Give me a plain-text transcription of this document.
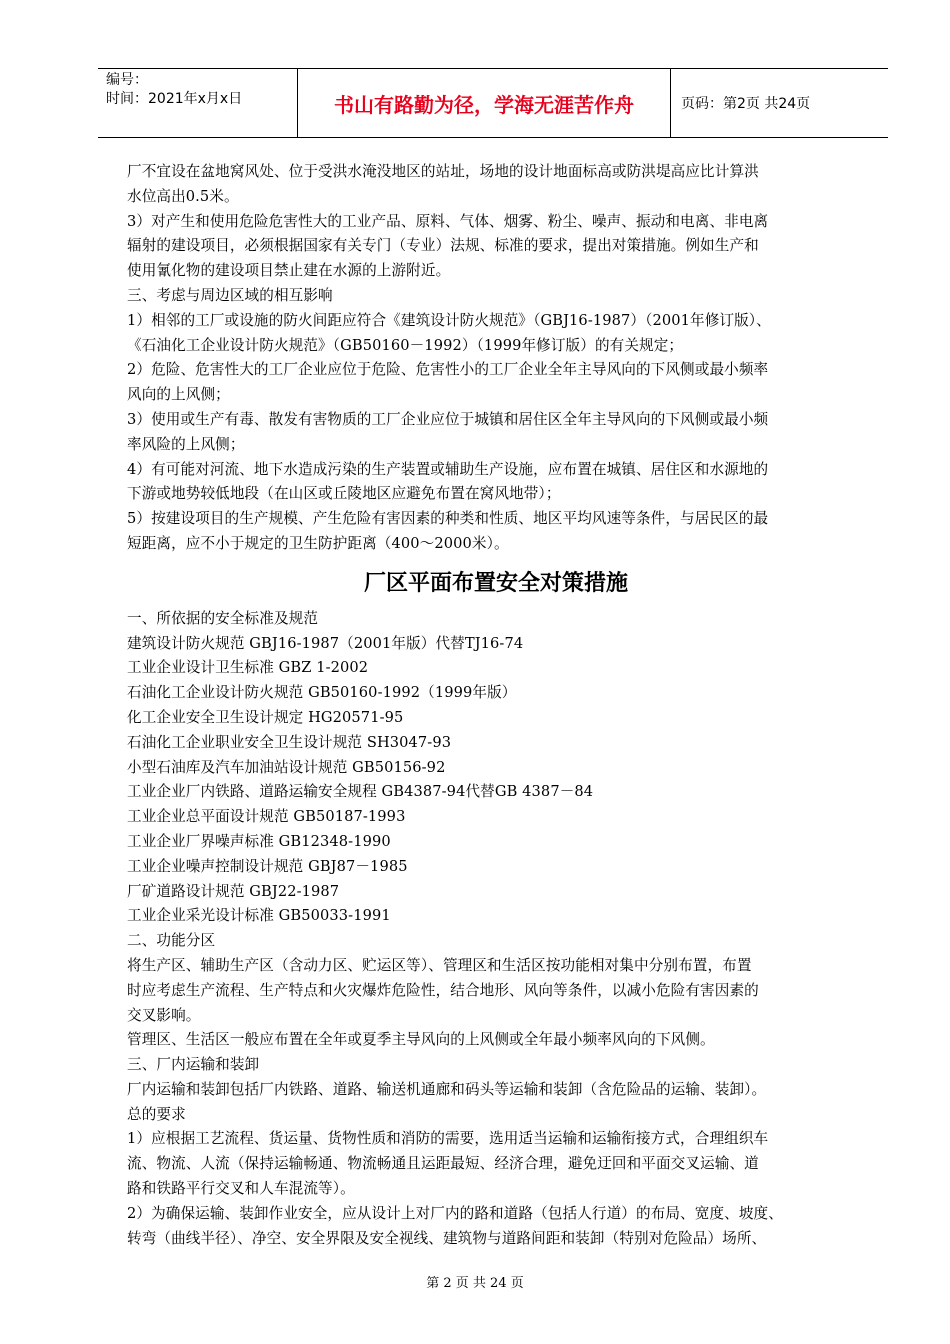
编号：
时间：2021年x月x日	书山有路勤为径，学海无涯苦作舟	页码：第2页 共24页
厂不宜设在盆地窝风处、位于受洪水淹没地区的站址，场地的设计地面标高或防洪堤高应比计算洪
水位高出0.5米。
3）对产生和使用危险危害性大的工业产品、原料、气体、烟雾、粉尘、噪声、振动和电离、非电离
辐射的建设项目，必须根据国家有关专门（专业）法规、标准的要求，提出对策措施。例如生产和
使用氰化物的建设项目禁止建在水源的上游附近。
三、考虑与周边区域的相互影响
1）相邻的工厂或设施的防火间距应符合《建筑设计防火规范》（GBJ16-1987）（2001年修订版）、
《石油化工企业设计防火规范》（GB50160－1992）（1999年修订版）的有关规定；
2）危险、危害性大的工厂企业应位于危险、危害性小的工厂企业全年主导风向的下风侧或最小频率
风向的上风侧；
3）使用或生产有毒、散发有害物质的工厂企业应位于城镇和居住区全年主导风向的下风侧或最小频
率风险的上风侧；
4）有可能对河流、地下水造成污染的生产装置或辅助生产设施，应布置在城镇、居住区和水源地的
下游或地势较低地段（在山区或丘陵地区应避免布置在窝风地带）；
5）按建设项目的生产规模、产生危险有害因素的种类和性质、地区平均风速等条件，与居民区的最
短距离，应不小于规定的卫生防护距离（400～2000米）。
厂区平面布置安全对策措施
一、所依据的安全标准及规范
建筑设计防火规范 GBJ16-1987（2001年版）代替TJ16-74
工业企业设计卫生标准 GBZ 1-2002
石油化工企业设计防火规范 GB50160-1992（1999年版）
化工企业安全卫生设计规定 HG20571-95
石油化工企业职业安全卫生设计规范 SH3047-93
小型石油库及汽车加油站设计规范 GB50156-92
工业企业厂内铁路、道路运输安全规程 GB4387-94代替GB 4387－84
工业企业总平面设计规范 GB50187-1993
工业企业厂界噪声标准 GB12348-1990
工业企业噪声控制设计规范 GBJ87－1985
厂矿道路设计规范 GBJ22-1987
工业企业采光设计标准 GB50033-1991
二、功能分区
将生产区、辅助生产区（含动力区、贮运区等）、管理区和生活区按功能相对集中分别布置，布置
时应考虑生产流程、生产特点和火灾爆炸危险性，结合地形、风向等条件，以减小危险有害因素的
交叉影响。
管理区、生活区一般应布置在全年或夏季主导风向的上风侧或全年最小频率风向的下风侧。
三、厂内运输和装卸
厂内运输和装卸包括厂内铁路、道路、输送机通廊和码头等运输和装卸（含危险品的运输、装卸）。
总的要求
1）应根据工艺流程、货运量、货物性质和消防的需要，选用适当运输和运输衔接方式，合理组织车
流、物流、人流（保持运输畅通、物流畅通且运距最短、经济合理，避免迂回和平面交叉运输、道
路和铁路平行交叉和人车混流等）。
2）为确保运输、装卸作业安全，应从设计上对厂内的路和道路（包括人行道）的布局、宽度、坡度、
转弯（曲线半径）、净空、安全界限及安全视线、建筑物与道路间距和装卸（特别对危险品）场所、
第 2 页 共 24 页
